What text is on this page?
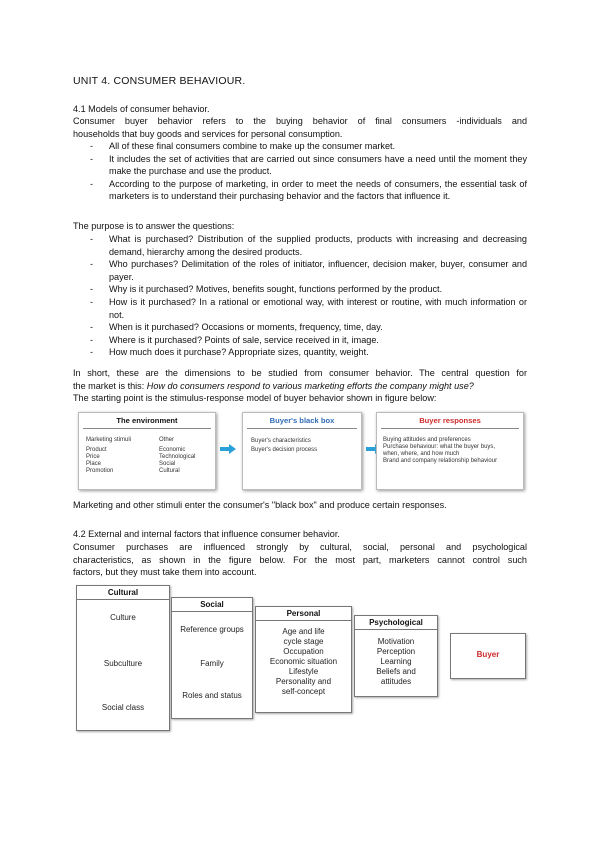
UNIT 4. CONSUMER BEHAVIOUR.
4.1 Models of consumer behavior.
Consumer buyer behavior refers to the buying behavior of final consumers -individuals and
households that buy goods and services for personal consumption.
- All of these final consumers combine to make up the consumer market.
- It includes the set of activities that are carried out since consumers have a need until the moment they make the purchase and use the product.
- According to the purpose of marketing, in order to meet the needs of consumers, the essential task of marketers is to understand their purchasing behavior and the factors that influence it.
The purpose is to answer the questions:
- What is purchased? Distribution of the supplied products, products with increasing and decreasing demand, hierarchy among the desired products.
- Who purchases? Delimitation of the roles of initiator, influencer, decision maker, buyer, consumer and payer.
- Why is it purchased? Motives, benefits sought, functions performed by the product.
- How is it purchased? In a rational or emotional way, with interest or routine, with much information or not.
- When is it purchased? Occasions or moments, frequency, time, day.
- Where is it purchased? Points of sale, service received in it, image.
- How much does it purchase? Appropriate sizes, quantity, weight.
In short, these are the dimensions to be studied from consumer behavior. The central question for
the market is this: How do consumers respond to various marketing efforts the company might use?
The starting point is the stimulus-response model of buyer behavior shown in figure below:
The environment
Marketing stimuli	Other
Product
Price
Place
Promotion
Economic
Technological
Social
Cultural
Buyer's black box
Buyer's characteristics
Buyer's decision process
Buyer responses
Buying attitudes and preferences
Purchase behaviour: what the buyer buys,
when, where, and how much
Brand and company relationship behaviour
Marketing and other stimuli enter the consumer's "black box" and produce certain responses.
4.2 External and internal factors that influence consumer behavior.
Consumer purchases are influenced strongly by cultural, social, personal and psychological
characteristics, as shown in the figure below. For the most part, marketers cannot control such
factors, but they must take them into account.
Cultural
Culture
Subculture
Social class
Social
Reference groups
Family
Roles and status
Personal
Age and life
cycle stage
Occupation
Economic situation
Lifestyle
Personality and
self-concept
Psychological
Motivation
Perception
Learning
Beliefs and
attitudes
Buyer
